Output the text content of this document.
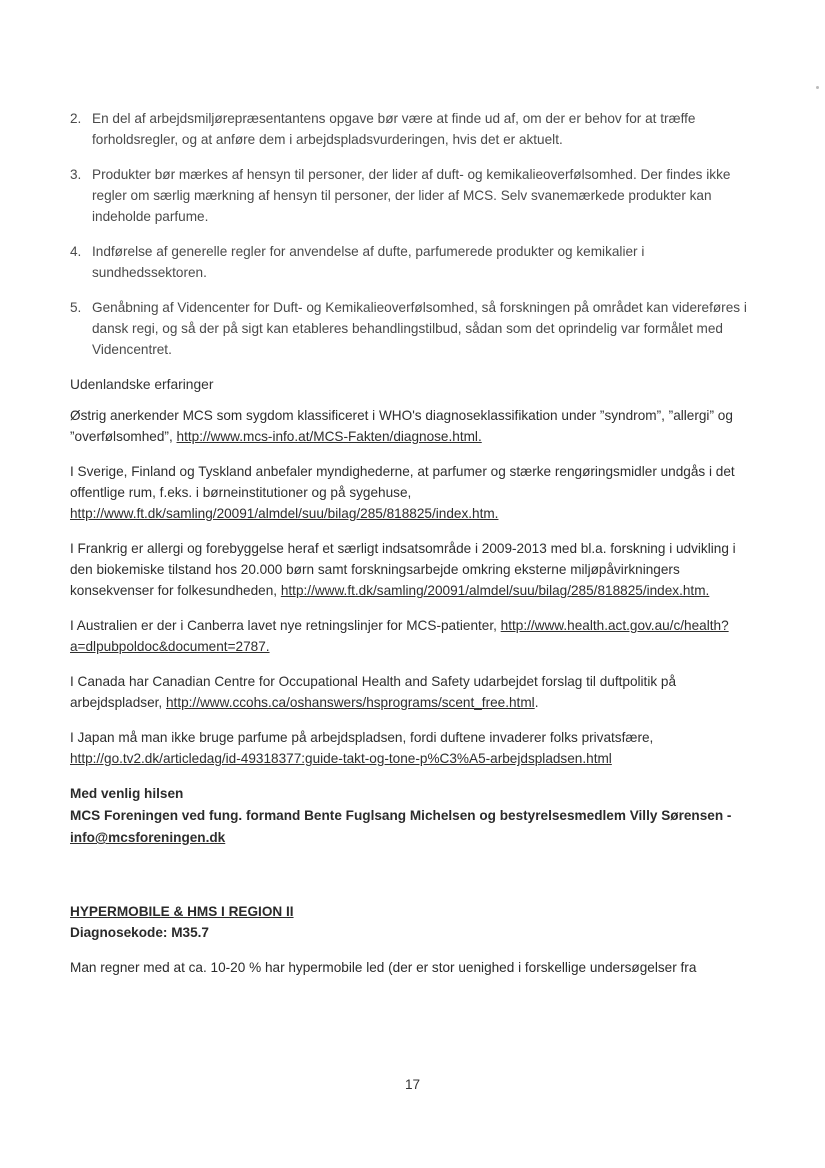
2. En del af arbejdsmiljørepræsentantens opgave bør være at finde ud af, om der er behov for at træffe forholdsregler, og at anføre dem i arbejdspladsvurderingen, hvis det er aktuelt.
3. Produkter bør mærkes af hensyn til personer, der lider af duft- og kemikalieoverfølsomhed. Der findes ikke regler om særlig mærkning af hensyn til personer, der lider af MCS. Selv svanemærkede produkter kan indeholde parfume.
4. Indførelse af generelle regler for anvendelse af dufte, parfumerede produkter og kemikalier i sundhedssektoren.
5. Genåbning af Videncenter for Duft- og Kemikalieoverfølsomhed, så forskningen på området kan videreføres i dansk regi, og så der på sigt kan etableres behandlingstilbud, sådan som det oprindelig var formålet med Videncentret.
Udenlandske erfaringer

Østrig anerkender MCS som sygdom klassificeret i WHO's diagnoseklassifikation under ”syndrom”, ”allergi” og ”overfølsomhed”, http://www.mcs-info.at/MCS-Fakten/diagnose.html.

I Sverige, Finland og Tyskland anbefaler myndighederne, at parfumer og stærke rengøringsmidler undgås i det offentlige rum, f.eks. i børneinstitutioner og på sygehuse, http://www.ft.dk/samling/20091/almdel/suu/bilag/285/818825/index.htm.

I Frankrig er allergi og forebyggelse heraf et særligt indsatsområde i 2009-2013 med bl.a. forskning i udvikling i den biokemiske tilstand hos 20.000 børn samt forskningsarbejde omkring eksterne miljøpåvirkningers konsekvenser for folkesundheden, http://www.ft.dk/samling/20091/almdel/suu/bilag/285/818825/index.htm.

I Australien er der i Canberra lavet nye retningslinjer for MCS-patienter, http://www.health.act.gov.au/c/health?a=dlpubpoldoc&document=2787.

I Canada har Canadian Centre for Occupational Health and Safety udarbejdet forslag til duftpolitik på arbejdspladser, http://www.ccohs.ca/oshanswers/hsprograms/scent_free.html.

I Japan må man ikke bruge parfume på arbejdspladsen, fordi duftene invaderer folks privatsfære, http://go.tv2.dk/articledag/id-49318377:guide-takt-og-tone-p%C3%A5-arbejdspladsen.html

Med venlig hilsen
MCS Foreningen ved fung. formand Bente Fuglsang Michelsen og bestyrelsesmedlem Villy Sørensen -
info@mcsforeningen.dk
HYPERMOBILE & HMS I REGION II
Diagnosekode: M35.7
Man regner med at ca. 10-20 % har hypermobile led (der er stor uenighed i forskellige undersøgelser fra
17
